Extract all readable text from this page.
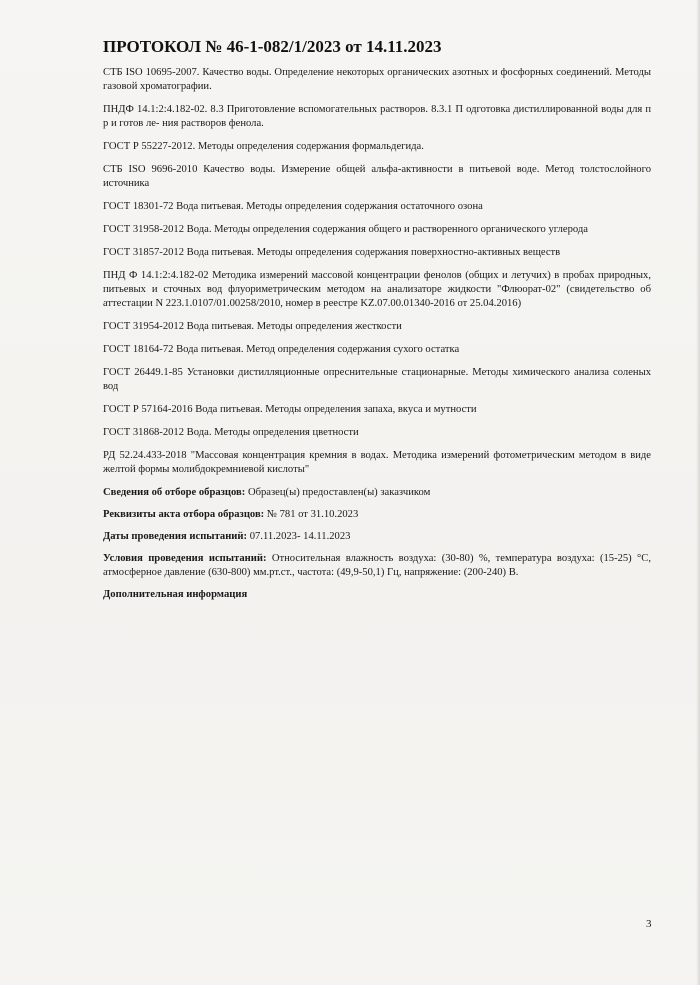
ПРОТОКОЛ № 46-1-082/1/2023 от 14.11.2023

СТБ ISO 10695-2007. Качество воды. Определение некоторых органических азотных и фосфорных соединений. Методы газовой хроматографии.

ПНДФ 14.1:2:4.182-02. 8.3 Приготовление вспомогательных растворов. 8.3.1 П одготовка дистиллированной воды для п р и готов ле- ния растворов фенола.

ГОСТ Р 55227-2012. Методы определения содержания формальдегида.

СТБ ISO 9696-2010 Качество воды. Измерение общей альфа-активности в питьевой воде. Метод толстослойного источника

ГОСТ 18301-72 Вода питьевая. Методы определения содержания остаточного озона

ГОСТ 31958-2012 Вода. Методы определения содержания общего и растворенного органического углерода

ГОСТ 31857-2012 Вода питьевая. Методы определения содержания поверхностно-активных веществ

ПНД Ф 14.1:2:4.182-02 Методика измерений массовой концентрации фенолов (общих и летучих) в пробах природных, питьевых и сточных вод флуориметрическим методом на анализаторе жидкости "Флюорат-02" (свидетельство об аттестации N 223.1.0107/01.00258/2010, номер в реестре KZ.07.00.01340-2016 от 25.04.2016)

ГОСТ 31954-2012 Вода питьевая. Методы определения жесткости

ГОСТ 18164-72 Вода питьевая. Метод определения содержания сухого остатка

ГОСТ 26449.1-85 Установки дистилляционные опреснительные стационарные. Методы химического анализа соленых вод

ГОСТ Р 57164-2016 Вода питьевая. Методы определения запаха, вкуса и мутности

ГОСТ 31868-2012 Вода. Методы определения цветности

РД 52.24.433-2018 "Массовая концентрация кремния в водах. Методика измерений фотометрическим методом в виде желтой формы молибдокремниевой кислоты"

Сведения об отборе образцов: Образец(ы) предоставлен(ы) заказчиком

Реквизиты акта отбора образцов: № 781 от 31.10.2023

Даты проведения испытаний: 07.11.2023- 14.11.2023

Условия проведения испытаний: Относительная влажность воздуха: (30-80) %, температура воздуха: (15-25) °С, атмосферное давление (630-800) мм.рт.ст., частота: (49,9-50,1) Гц, напряжение: (200-240) В.

Дополнительная информация

3
